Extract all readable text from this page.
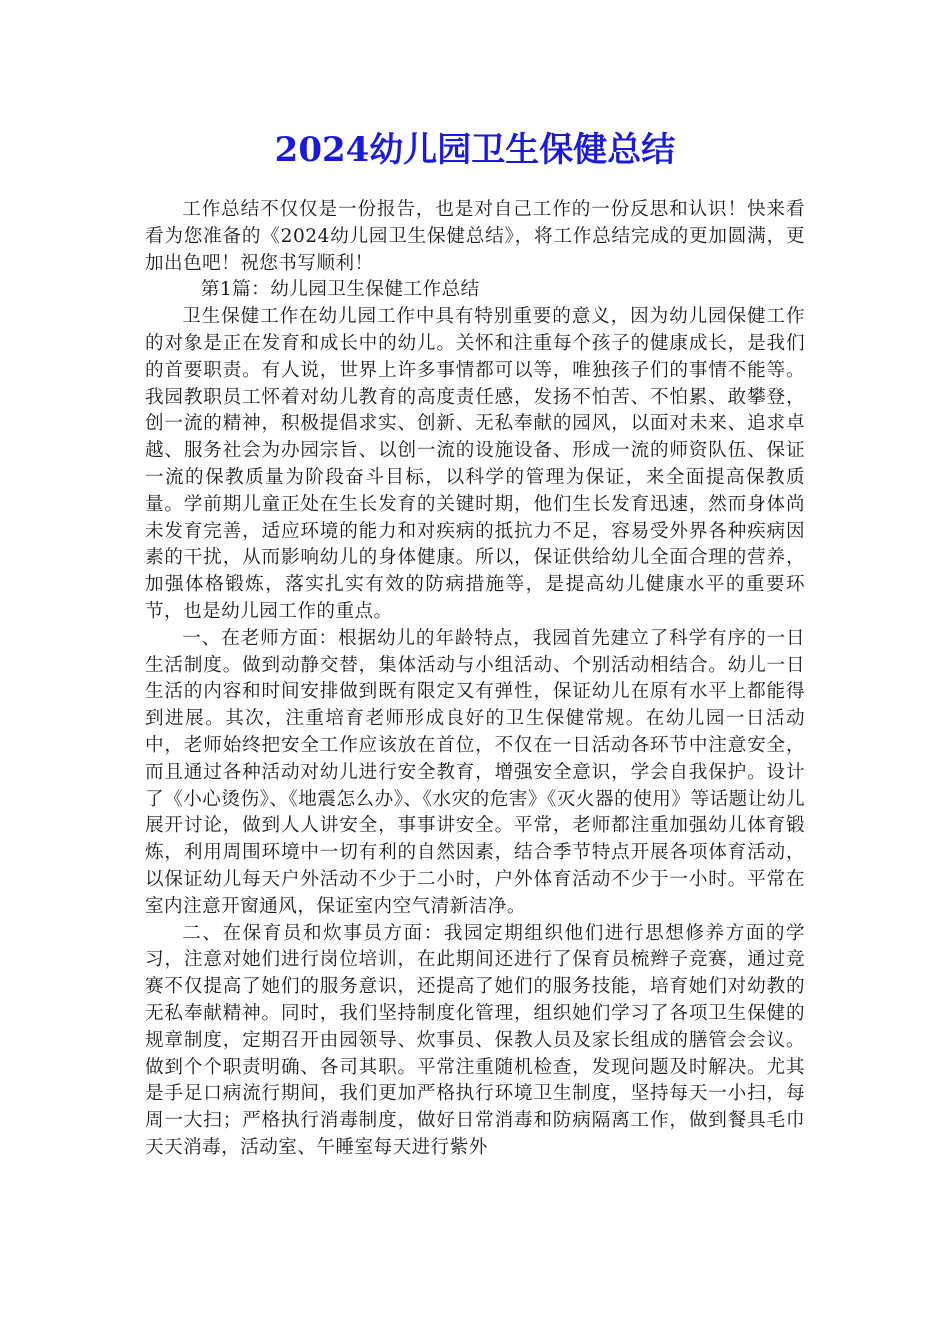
2024幼儿园卫生保健总结

工作总结不仅仅是一份报告，也是对自己工作的一份反思和认识！快来看看为您准备的《2024幼儿园卫生保健总结》，将工作总结完成的更加圆满，更加出色吧！祝您书写顺利！

第1篇：幼儿园卫生保健工作总结

卫生保健工作在幼儿园工作中具有特别重要的意义，因为幼儿园保健工作的对象是正在发育和成长中的幼儿。关怀和注重每个孩子的健康成长，是我们的首要职责。有人说，世界上许多事情都可以等，唯独孩子们的事情不能等。我园教职员工怀着对幼儿教育的高度责任感，发扬不怕苦、不怕累、敢攀登，创一流的精神，积极提倡求实、创新、无私奉献的园风，以面对未来、追求卓越、服务社会为办园宗旨、以创一流的设施设备、形成一流的师资队伍、保证一流的保教质量为阶段奋斗目标，以科学的管理为保证，来全面提高保教质量。学前期儿童正处在生长发育的关键时期，他们生长发育迅速，然而身体尚未发育完善，适应环境的能力和对疾病的抵抗力不足，容易受外界各种疾病因素的干扰，从而影响幼儿的身体健康。所以，保证供给幼儿全面合理的营养，加强体格锻炼，落实扎实有效的防病措施等，是提高幼儿健康水平的重要环节，也是幼儿园工作的重点。

一、在老师方面：根据幼儿的年龄特点，我园首先建立了科学有序的一日生活制度。做到动静交替，集体活动与小组活动、个别活动相结合。幼儿一日生活的内容和时间安排做到既有限定又有弹性，保证幼儿在原有水平上都能得到进展。其次，注重培育老师形成良好的卫生保健常规。在幼儿园一日活动中，老师始终把安全工作应该放在首位，不仅在一日活动各环节中注意安全，而且通过各种活动对幼儿进行安全教育，增强安全意识，学会自我保护。设计了《小心烫伤》、《地震怎么办》、《水灾的危害》《灭火器的使用》等话题让幼儿展开讨论，做到人人讲安全，事事讲安全。平常，老师都注重加强幼儿体育锻炼，利用周围环境中一切有利的自然因素，结合季节特点开展各项体育活动，以保证幼儿每天户外活动不少于二小时，户外体育活动不少于一小时。平常在室内注意开窗通风，保证室内空气清新洁净。

二、在保育员和炊事员方面：我园定期组织他们进行思想修养方面的学习，注意对她们进行岗位培训，在此期间还进行了保育员梳辫子竞赛，通过竞赛不仅提高了她们的服务意识，还提高了她们的服务技能，培育她们对幼教的无私奉献精神。同时，我们坚持制度化管理，组织她们学习了各项卫生保健的规章制度，定期召开由园领导、炊事员、保教人员及家长组成的膳管会会议。做到个个职责明确、各司其职。平常注重随机检查，发现问题及时解决。尤其是手足口病流行期间，我们更加严格执行环境卫生制度，坚持每天一小扫，每周一大扫；严格执行消毒制度，做好日常消毒和防病隔离工作，做到餐具毛巾天天消毒，活动室、午睡室每天进行紫外
